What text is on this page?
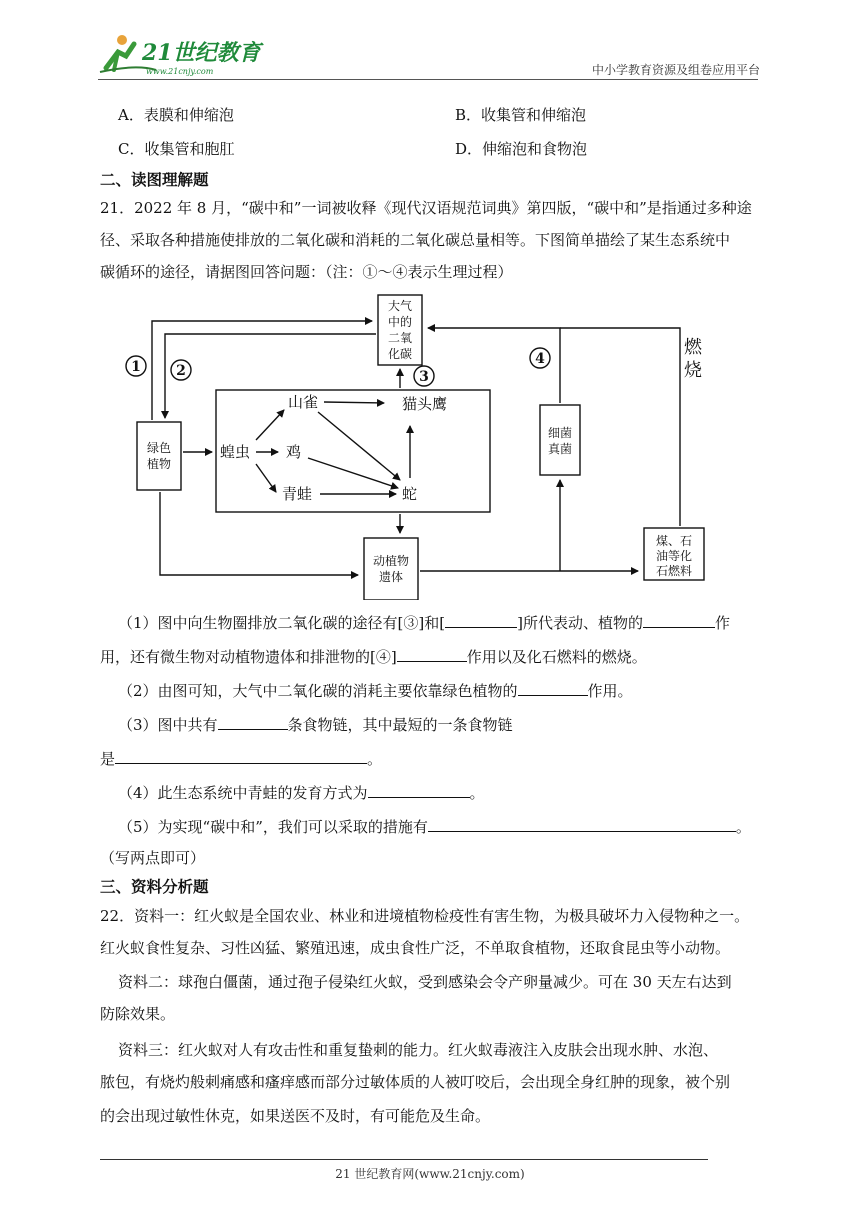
21世纪教育
www.21cnjy.com	中小学教育资源及组卷应用平台
A．表膜和伸缩泡	B．收集管和伸缩泡
C．收集管和胞肛	D．伸缩泡和食物泡
二、读图理解题
21．2022 年 8 月，“碳中和”一词被收释《现代汉语规范词典》第四版，“碳中和”是指通过多种途
径、采取各种措施使排放的二氧化碳和消耗的二氧化碳总量相等。下图简单描绘了某生态系统中
碳循环的途径，请据图回答问题：（注：①～④表示生理过程）
1	2	3
4
大气
中的
二氧
化碳
绿色
植物
细菌
真菌
动植物
遗体
煤、石
油等化
石燃料
蝗虫
山雀
鸡
青蛙
猫头鹰
蛇
燃
烧
（1）图中向生物圈排放二氧化碳的途径有[③]和[	]所代表动、植物的	作
用，还有微生物对动植物遗体和排泄物的[④]	作用以及化石燃料的燃烧。
（2）由图可知，大气中二氧化碳的消耗主要依靠绿色植物的	作用。
（3）图中共有	条食物链，其中最短的一条食物链
是	。
（4）此生态系统中青蛙的发育方式为	。
（5）为实现“碳中和”，我们可以采取的措施有	。
（写两点即可）
三、资料分析题
22．资料一：红火蚁是全国农业、林业和进境植物检疫性有害生物，为极具破坏力入侵物种之一。
红火蚁食性复杂、习性凶猛、繁殖迅速，成虫食性广泛，不单取食植物，还取食昆虫等小动物。
资料二：球孢白僵菌，通过孢子侵染红火蚁，受到感染会令产卵量减少。可在 30 天左右达到
防除效果。
资料三：红火蚁对人有攻击性和重复蛰刺的能力。红火蚁毒液注入皮肤会出现水肿、水泡、
脓包，有烧灼般刺痛感和瘙痒感而部分过敏体质的人被叮咬后，会出现全身红肿的现象，被个别
的会出现过敏性休克，如果送医不及时，有可能危及生命。
21 世纪教育网(www.21cnjy.com)
